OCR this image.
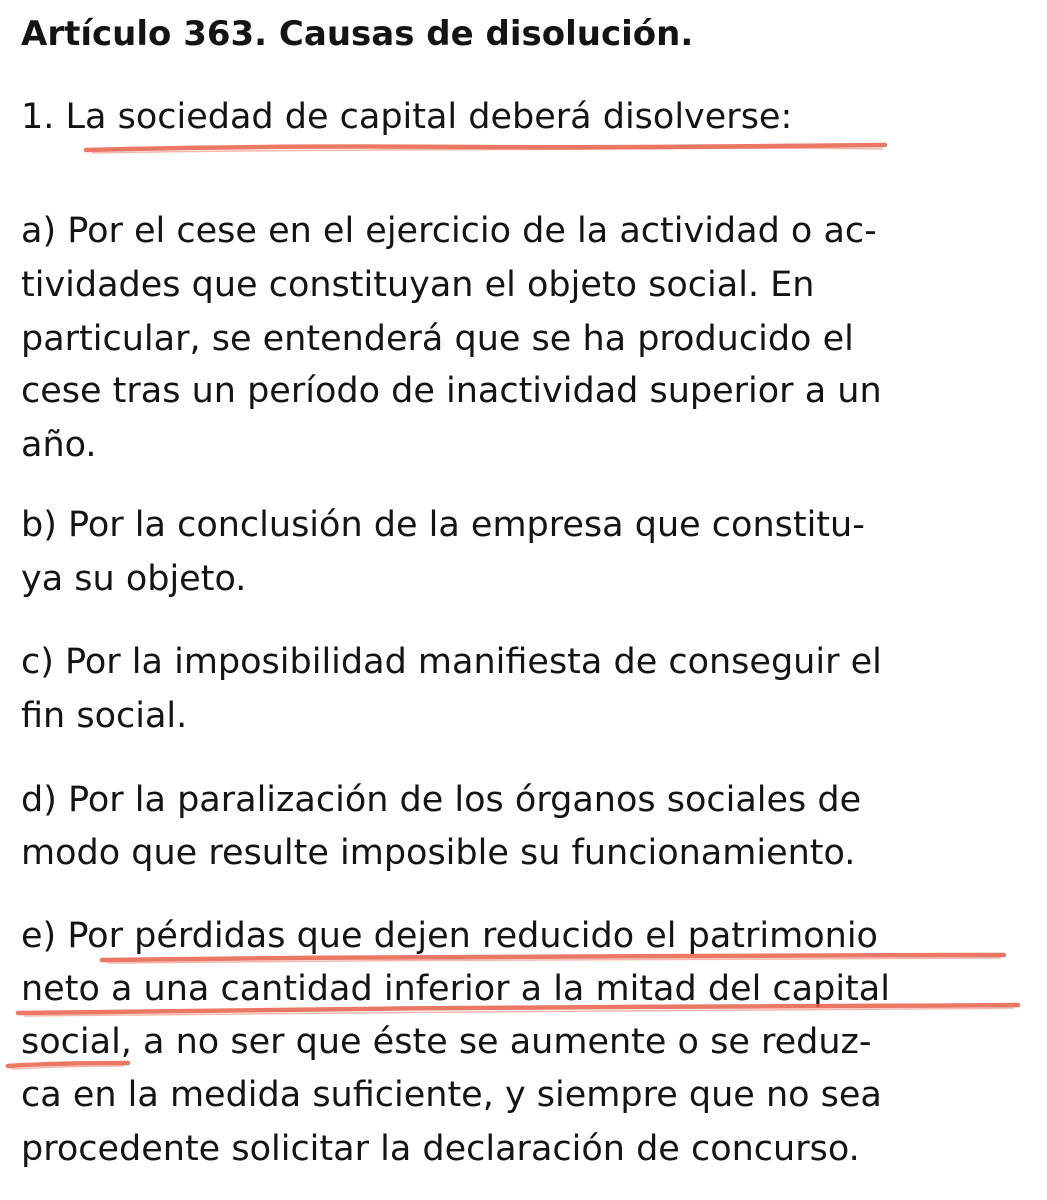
Artículo 363. Causas de disolución.
1. La sociedad de capital deberá disolverse:
a) Por el cese en el ejercicio de la actividad o ac-
tividades que constituyan el objeto social. En
particular, se entenderá que se ha producido el
cese tras un período de inactividad superior a un
año.
b) Por la conclusión de la empresa que constitu-
ya su objeto.
c) Por la imposibilidad manifiesta de conseguir el
fin social.
d) Por la paralización de los órganos sociales de
modo que resulte imposible su funcionamiento.
e) Por pérdidas que dejen reducido el patrimonio
neto a una cantidad inferior a la mitad del capital
social, a no ser que éste se aumente o se reduz-
ca en la medida suficiente, y siempre que no sea
procedente solicitar la declaración de concurso.
